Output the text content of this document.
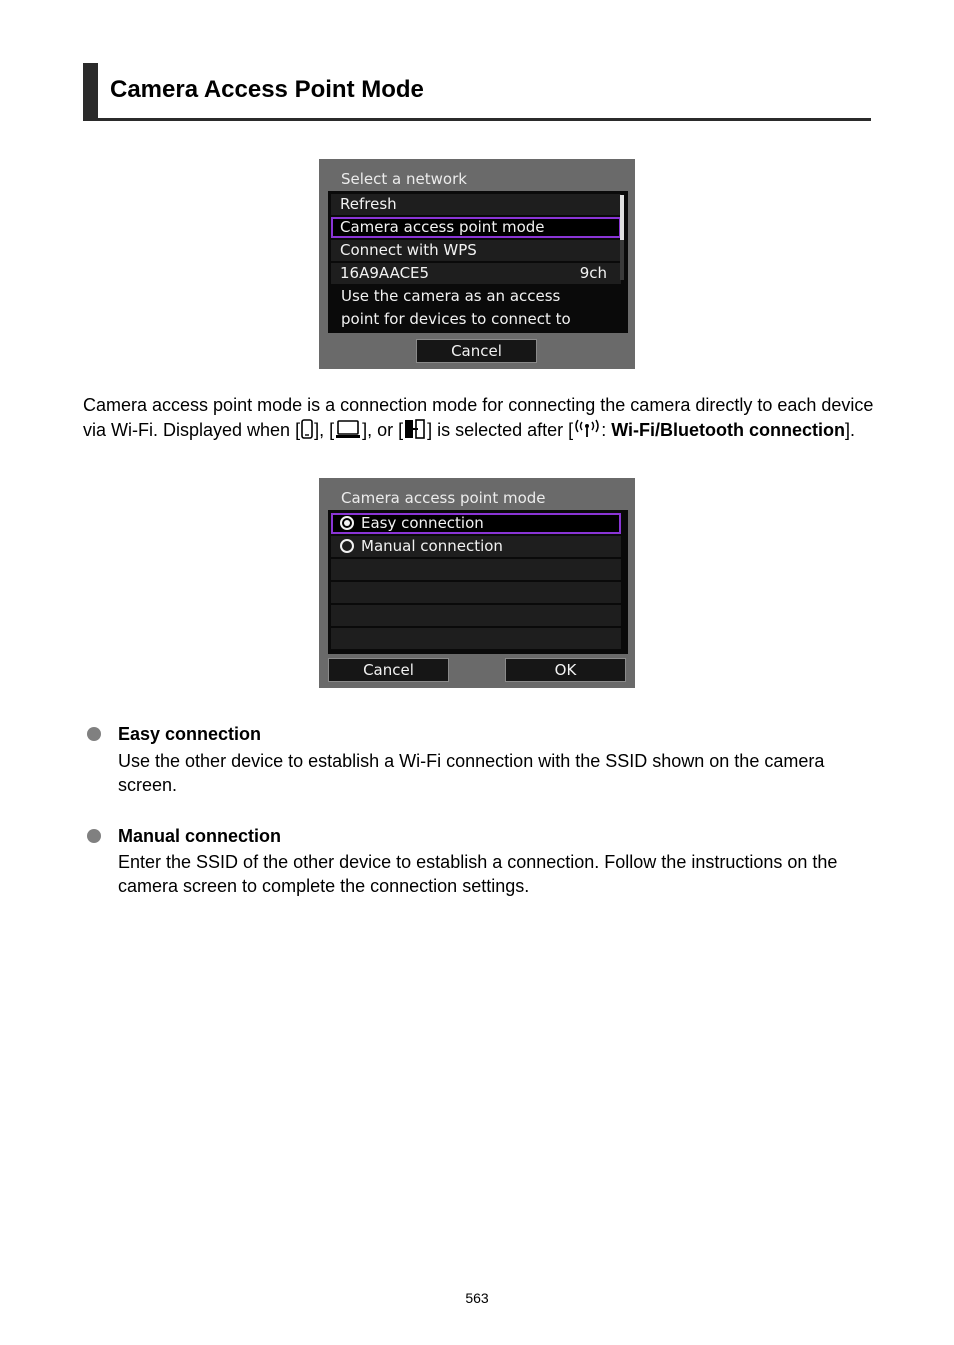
Camera Access Point Mode
Select a network
Refresh
Camera access point mode
Connect with WPS
16A9AACE5	9ch
Use the camera as an access
point for devices to connect to
Cancel
Camera access point mode is a connection mode for connecting the camera directly to each device via Wi-Fi. Displayed when [ ], [ ], or [ ] is selected after [ : Wi-Fi/Bluetooth connection].
Camera access point mode
Easy connection
Manual connection
Cancel	OK
Easy connection
Use the other device to establish a Wi-Fi connection with the SSID shown on the camera screen.
Manual connection
Enter the SSID of the other device to establish a connection. Follow the instructions on the camera screen to complete the connection settings.
563
